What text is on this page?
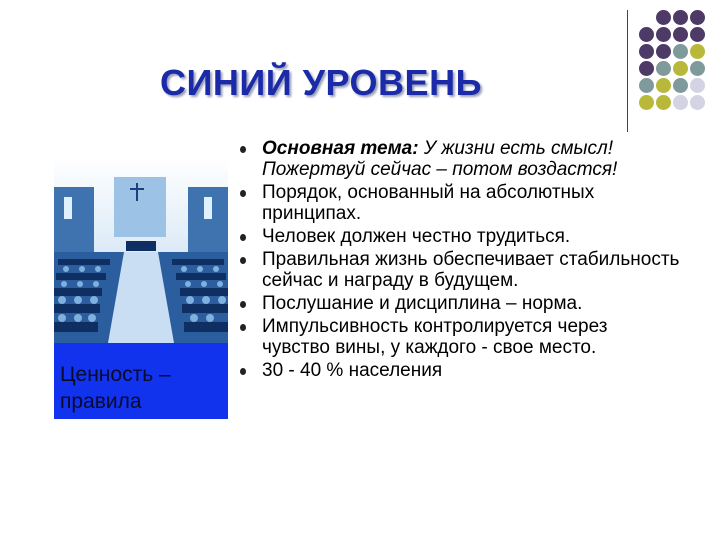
СИНИЙ УРОВЕНЬ
Ценность –
правила
Основная тема: У жизни есть смысл! Пожертвуй сейчас – потом воздастся!
Порядок, основанный на абсолютных принципах.
Человек должен честно трудиться.
Правильная жизнь обеспечивает стабильность сейчас и награду в будущем.
Послушание и дисциплина – норма.
Импульсивность контролируется через чувство вины, у каждого - свое место.
30 - 40 % населения
